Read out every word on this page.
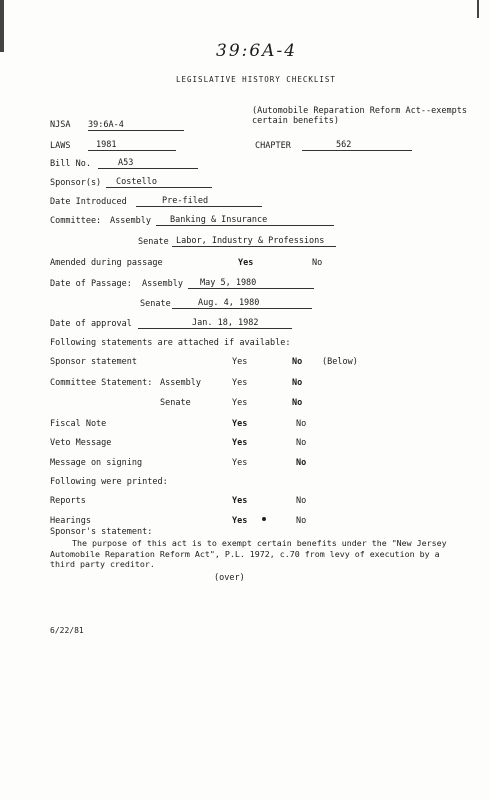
39:6A-4
LEGISLATIVE HISTORY CHECKLIST
NJSA 39:6A-4
(Automobile Reparation Reform Act--exempts
certain benefits)
LAWS	1981	CHAPTER	562
Bill No.	A53
Sponsor(s)	Costello
Date Introduced	Pre-filed
Committee: Assembly	Banking & Insurance
Senate Labor, Industry & Professions
Amended during passage	Yes	No
Date of Passage: Assembly	May 5, 1980
Senate	Aug. 4, 1980
Date of approval	Jan. 18, 1982
Following statements are attached if available:
Sponsor statement	Yes	No (Below)
Committee Statement: Assembly	Yes	No
Senate	Yes	No
Fiscal Note	Yes	No
Veto Message	Yes	No
Message on signing	Yes	No
Following were printed:
Reports	Yes	No
Hearings	Yes	No
Sponsor's statement:
The purpose of this act is to exempt certain benefits under the "New Jersey
Automobile Reparation Reform Act", P.L. 1972, c.70 from levy of execution by a
third party creditor.
(over)
6/22/81
